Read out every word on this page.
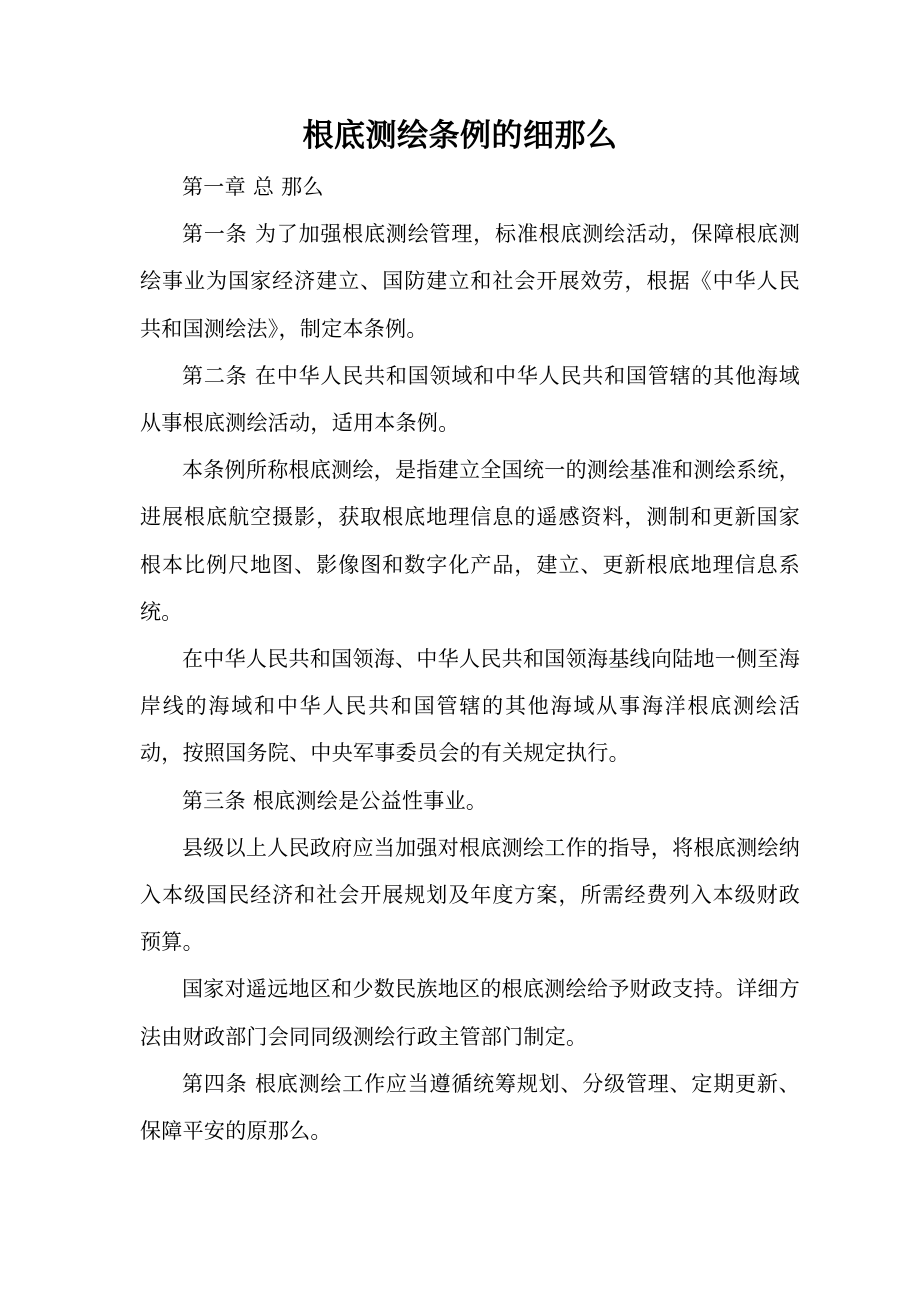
根底测绘条例的细那么

第一章 总 那么

第一条 为了加强根底测绘管理，标准根底测绘活动，保障根底测绘事业为国家经济建立、国防建立和社会开展效劳，根据《中华人民共和国测绘法》，制定本条例。

第二条 在中华人民共和国领域和中华人民共和国管辖的其他海域从事根底测绘活动，适用本条例。

本条例所称根底测绘，是指建立全国统一的测绘基准和测绘系统，进展根底航空摄影，获取根底地理信息的遥感资料，测制和更新国家根本比例尺地图、影像图和数字化产品，建立、更新根底地理信息系统。

在中华人民共和国领海、中华人民共和国领海基线向陆地一侧至海岸线的海域和中华人民共和国管辖的其他海域从事海洋根底测绘活动，按照国务院、中央军事委员会的有关规定执行。

第三条 根底测绘是公益性事业。

县级以上人民政府应当加强对根底测绘工作的指导，将根底测绘纳入本级国民经济和社会开展规划及年度方案，所需经费列入本级财政预算。

国家对遥远地区和少数民族地区的根底测绘给予财政支持。详细方法由财政部门会同同级测绘行政主管部门制定。

第四条 根底测绘工作应当遵循统筹规划、分级管理、定期更新、保障平安的原那么。
